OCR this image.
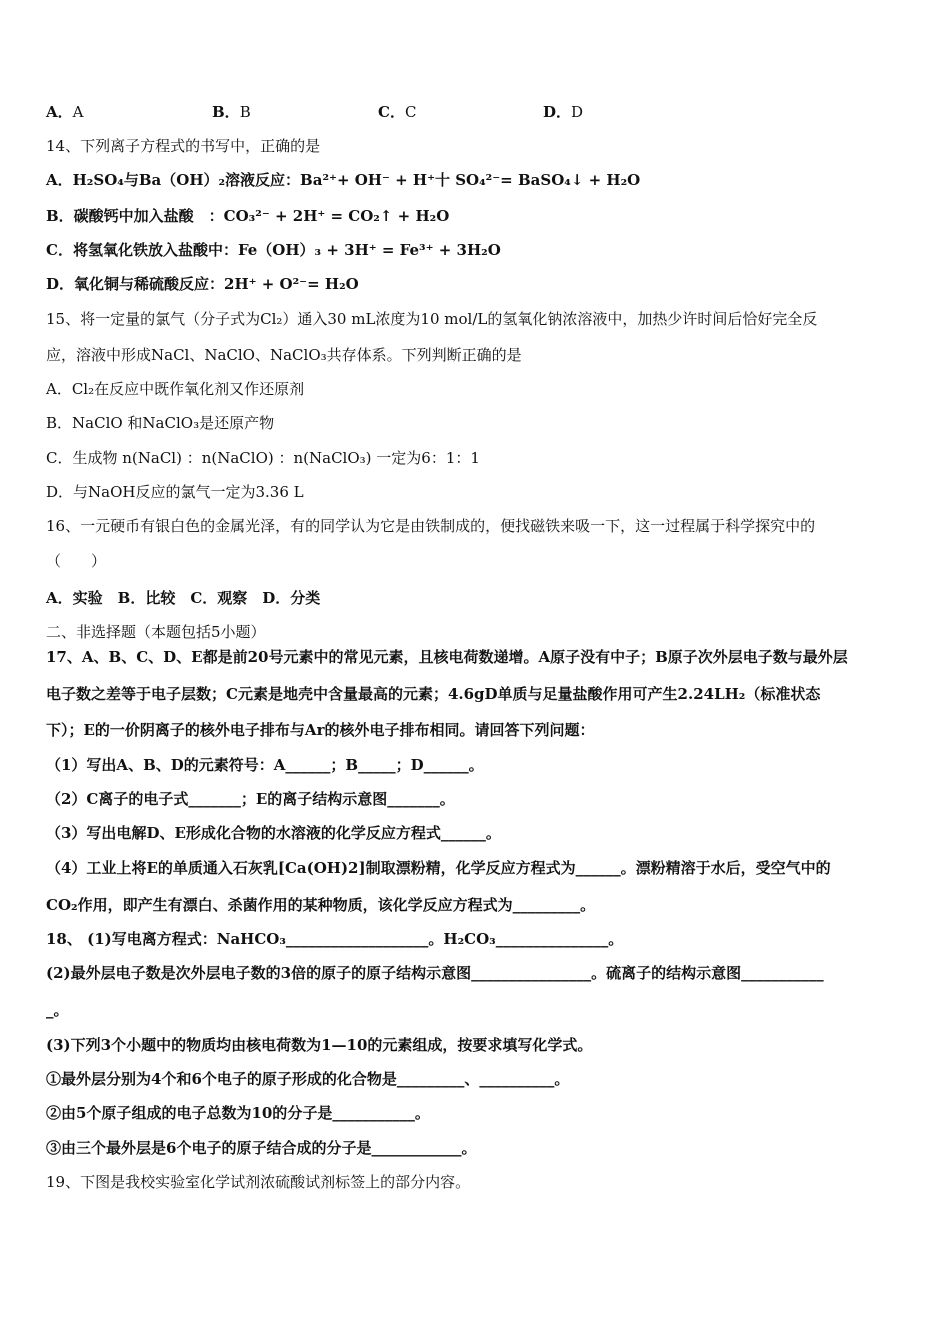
A．A	B．B	C．C	D．D
14、下列离子方程式的书写中，正确的是
A．H₂SO₄与Ba（OH）₂溶液反应：Ba²⁺+ OH⁻ + H⁺十 SO₄²⁻= BaSO₄↓ + H₂O
B．碳酸钙中加入盐酸　：CO₃²⁻ + 2H⁺ = CO₂↑ + H₂O
C．将氢氧化铁放入盐酸中：Fe（OH）₃ + 3H⁺ = Fe³⁺ + 3H₂O
D．氧化铜与稀硫酸反应：2H⁺ + O²⁻= H₂O
15、将一定量的氯气（分子式为Cl₂）通入30 mL浓度为10 mol/L的氢氧化钠浓溶液中，加热少许时间后恰好完全反
应，溶液中形成NaCl、NaClO、NaClO₃共存体系。下列判断正确的是
A．Cl₂在反应中既作氧化剂又作还原剂
B．NaClO 和NaClO₃是还原产物
C．生成物 n(NaCl) ：n(NaClO) ：n(NaClO₃) 一定为6：1：1
D．与NaOH反应的氯气一定为3.36 L
16、一元硬币有银白色的金属光泽，有的同学认为它是由铁制成的，便找磁铁来吸一下，这一过程属于科学探究中的
（　　）
A．实验　B．比较　C．观察　D．分类
二、非选择题（本题包括5小题）
17、A、B、C、D、E都是前20号元素中的常见元素，且核电荷数递增。A原子没有中子；B原子次外层电子数与最外层
电子数之差等于电子层数；C元素是地壳中含量最高的元素；4.6gD单质与足量盐酸作用可产生2.24LH₂（标准状态
下）；E的一价阴离子的核外电子排布与Ar的核外电子排布相同。请回答下列问题：
（1）写出A、B、D的元素符号：A______；B_____；D______。
（2）C离子的电子式_______；E的离子结构示意图_______。
（3）写出电解D、E形成化合物的水溶液的化学反应方程式______。
（4）工业上将E的单质通入石灰乳[Ca(OH)2]制取漂粉精，化学反应方程式为______。漂粉精溶于水后，受空气中的
CO₂作用，即产生有漂白、杀菌作用的某种物质，该化学反应方程式为_________。
18、 (1)写电离方程式：NaHCO₃___________________。H₂CO₃_______________。
(2)最外层电子数是次外层电子数的3倍的原子的原子结构示意图________________。硫离子的结构示意图___________
_。
(3)下列3个小题中的物质均由核电荷数为1—10的元素组成，按要求填写化学式。
①最外层分别为4个和6个电子的原子形成的化合物是_________、__________。
②由5个原子组成的电子总数为10的分子是___________。
③由三个最外层是6个电子的原子结合成的分子是____________。
19、下图是我校实验室化学试剂浓硫酸试剂标签上的部分内容。
